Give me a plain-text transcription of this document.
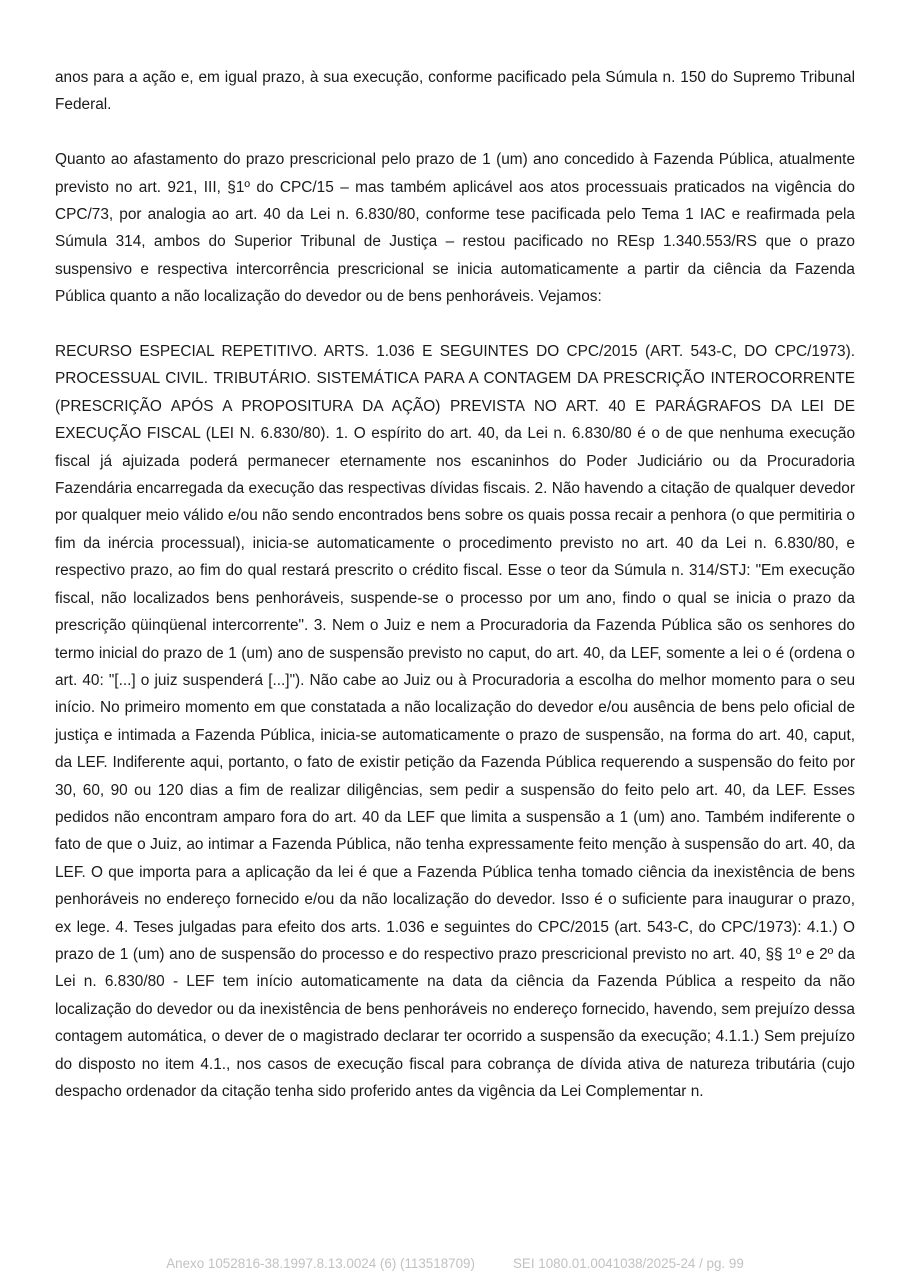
anos para a ação e, em igual prazo, à sua execução, conforme pacificado pela Súmula n. 150 do Supremo Tribunal Federal.

Quanto ao afastamento do prazo prescricional pelo prazo de 1 (um) ano concedido à Fazenda Pública, atualmente previsto no art. 921, III, §1º do CPC/15 – mas também aplicável aos atos processuais praticados na vigência do CPC/73, por analogia ao art. 40 da Lei n. 6.830/80, conforme tese pacificada pelo Tema 1 IAC e reafirmada pela Súmula 314, ambos do Superior Tribunal de Justiça – restou pacificado no REsp 1.340.553/RS que o prazo suspensivo e respectiva intercorrência prescricional se inicia automaticamente a partir da ciência da Fazenda Pública quanto a não localização do devedor ou de bens penhoráveis. Vejamos:

RECURSO ESPECIAL REPETITIVO. ARTS. 1.036 E SEGUINTES DO CPC/2015 (ART. 543-C, DO CPC/1973). PROCESSUAL CIVIL. TRIBUTÁRIO. SISTEMÁTICA PARA A CONTAGEM DA PRESCRIÇÃO INTEROCORRENTE (PRESCRIÇÃO APÓS A PROPOSITURA DA AÇÃO) PREVISTA NO ART. 40 E PARÁGRAFOS DA LEI DE EXECUÇÃO FISCAL (LEI N. 6.830/80). 1. O espírito do art. 40, da Lei n. 6.830/80 é o de que nenhuma execução fiscal já ajuizada poderá permanecer eternamente nos escaninhos do Poder Judiciário ou da Procuradoria Fazendária encarregada da execução das respectivas dívidas fiscais. 2. Não havendo a citação de qualquer devedor por qualquer meio válido e/ou não sendo encontrados bens sobre os quais possa recair a penhora (o que permitiria o fim da inércia processual), inicia-se automaticamente o procedimento previsto no art. 40 da Lei n. 6.830/80, e respectivo prazo, ao fim do qual restará prescrito o crédito fiscal. Esse o teor da Súmula n. 314/STJ: "Em execução fiscal, não localizados bens penhoráveis, suspende-se o processo por um ano, findo o qual se inicia o prazo da prescrição qüinqüenal intercorrente". 3. Nem o Juiz e nem a Procuradoria da Fazenda Pública são os senhores do termo inicial do prazo de 1 (um) ano de suspensão previsto no caput, do art. 40, da LEF, somente a lei o é (ordena o art. 40: "[...] o juiz suspenderá [...]"). Não cabe ao Juiz ou à Procuradoria a escolha do melhor momento para o seu início. No primeiro momento em que constatada a não localização do devedor e/ou ausência de bens pelo oficial de justiça e intimada a Fazenda Pública, inicia-se automaticamente o prazo de suspensão, na forma do art. 40, caput, da LEF. Indiferente aqui, portanto, o fato de existir petição da Fazenda Pública requerendo a suspensão do feito por 30, 60, 90 ou 120 dias a fim de realizar diligências, sem pedir a suspensão do feito pelo art. 40, da LEF. Esses pedidos não encontram amparo fora do art. 40 da LEF que limita a suspensão a 1 (um) ano. Também indiferente o fato de que o Juiz, ao intimar a Fazenda Pública, não tenha expressamente feito menção à suspensão do art. 40, da LEF. O que importa para a aplicação da lei é que a Fazenda Pública tenha tomado ciência da inexistência de bens penhoráveis no endereço fornecido e/ou da não localização do devedor. Isso é o suficiente para inaugurar o prazo, ex lege. 4. Teses julgadas para efeito dos arts. 1.036 e seguintes do CPC/2015 (art. 543-C, do CPC/1973): 4.1.) O prazo de 1 (um) ano de suspensão do processo e do respectivo prazo prescricional previsto no art. 40, §§ 1º e 2º da Lei n. 6.830/80 - LEF tem início automaticamente na data da ciência da Fazenda Pública a respeito da não localização do devedor ou da inexistência de bens penhoráveis no endereço fornecido, havendo, sem prejuízo dessa contagem automática, o dever de o magistrado declarar ter ocorrido a suspensão da execução; 4.1.1.) Sem prejuízo do disposto no item 4.1., nos casos de execução fiscal para cobrança de dívida ativa de natureza tributária (cujo despacho ordenador da citação tenha sido proferido antes da vigência da Lei Complementar n.

Anexo 1052816-38.1997.8.13.0024 (6) (113518709)	SEI 1080.01.0041038/2025-24 / pg. 99
